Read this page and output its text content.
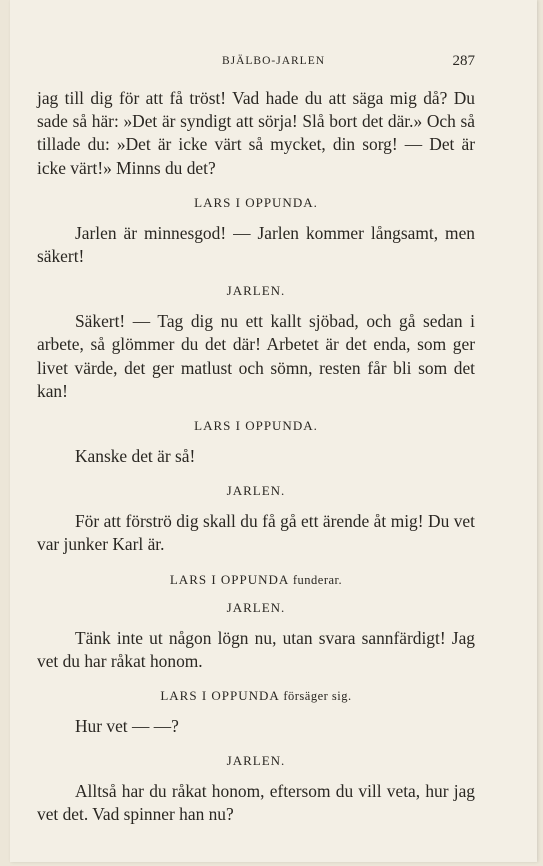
BJÄLBO-JARLEN	287

jag till dig för att få tröst! Vad hade du att säga mig då? Du sade så här: »Det är syndigt att sörja! Slå bort det där.» Och så tillade du: »Det är icke värt så mycket, din sorg! — Det är icke värt!» Minns du det?

LARS I OPPUNDA.

Jarlen är minnesgod! — Jarlen kommer långsamt, men säkert!

JARLEN.

Säkert! — Tag dig nu ett kallt sjöbad, och gå sedan i arbete, så glömmer du det där! Arbetet är det enda, som ger livet värde, det ger matlust och sömn, resten får bli som det kan!

LARS I OPPUNDA.

Kanske det är så!

JARLEN.

För att förströ dig skall du få gå ett ärende åt mig! Du vet var junker Karl är.

LARS I OPPUNDA funderar.

JARLEN.

Tänk inte ut någon lögn nu, utan svara sannfärdigt! Jag vet du har råkat honom.

LARS I OPPUNDA försäger sig.

Hur vet — —?

JARLEN.

Alltså har du råkat honom, eftersom du vill veta, hur jag vet det. Vad spinner han nu?
